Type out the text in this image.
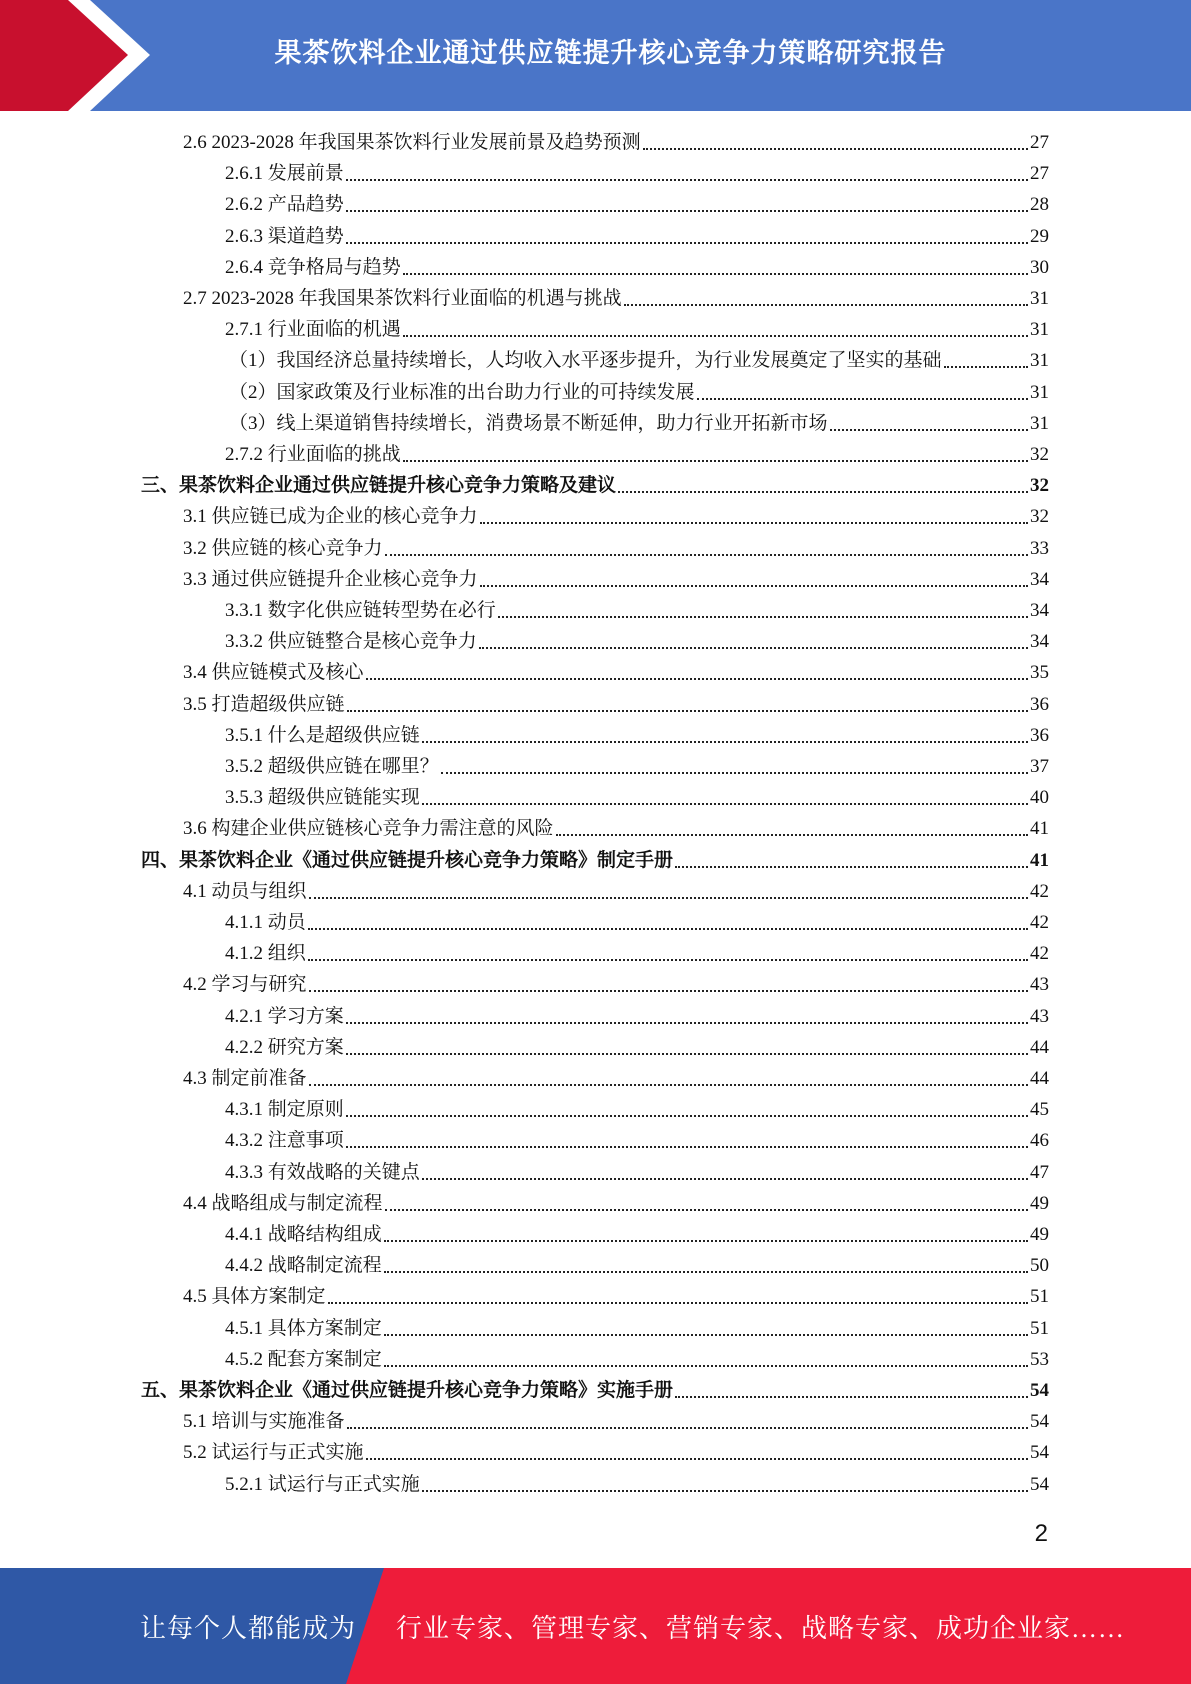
果茶饮料企业通过供应链提升核心竞争力策略研究报告
2.6 2023-2028 年我国果茶饮料行业发展前景及趋势预测	27
2.6.1 发展前景	27
2.6.2 产品趋势	28
2.6.3 渠道趋势	29
2.6.4 竞争格局与趋势	30
2.7 2023-2028 年我国果茶饮料行业面临的机遇与挑战	31
2.7.1 行业面临的机遇	31
（1）我国经济总量持续增长，人均收入水平逐步提升，为行业发展奠定了坚实的基础	31
（2）国家政策及行业标准的出台助力行业的可持续发展	31
（3）线上渠道销售持续增长，消费场景不断延伸，助力行业开拓新市场	31
2.7.2 行业面临的挑战	32
三、果茶饮料企业通过供应链提升核心竞争力策略及建议	32
3.1 供应链已成为企业的核心竞争力	32
3.2 供应链的核心竞争力	33
3.3 通过供应链提升企业核心竞争力	34
3.3.1 数字化供应链转型势在必行	34
3.3.2 供应链整合是核心竞争力	34
3.4 供应链模式及核心	35
3.5 打造超级供应链	36
3.5.1 什么是超级供应链	36
3.5.2 超级供应链在哪里？	37
3.5.3 超级供应链能实现	40
3.6 构建企业供应链核心竞争力需注意的风险	41
四、果茶饮料企业《通过供应链提升核心竞争力策略》制定手册	41
4.1 动员与组织	42
4.1.1 动员	42
4.1.2 组织	42
4.2 学习与研究	43
4.2.1 学习方案	43
4.2.2 研究方案	44
4.3 制定前准备	44
4.3.1 制定原则	45
4.3.2 注意事项	46
4.3.3 有效战略的关键点	47
4.4 战略组成与制定流程	49
4.4.1 战略结构组成	49
4.4.2 战略制定流程	50
4.5 具体方案制定	51
4.5.1 具体方案制定	51
4.5.2 配套方案制定	53
五、果茶饮料企业《通过供应链提升核心竞争力策略》实施手册	54
5.1 培训与实施准备	54
5.2 试运行与正式实施	54
5.2.1 试运行与正式实施	54
2
让每个人都能成为 行业专家、管理专家、营销专家、战略专家、成功企业家……
